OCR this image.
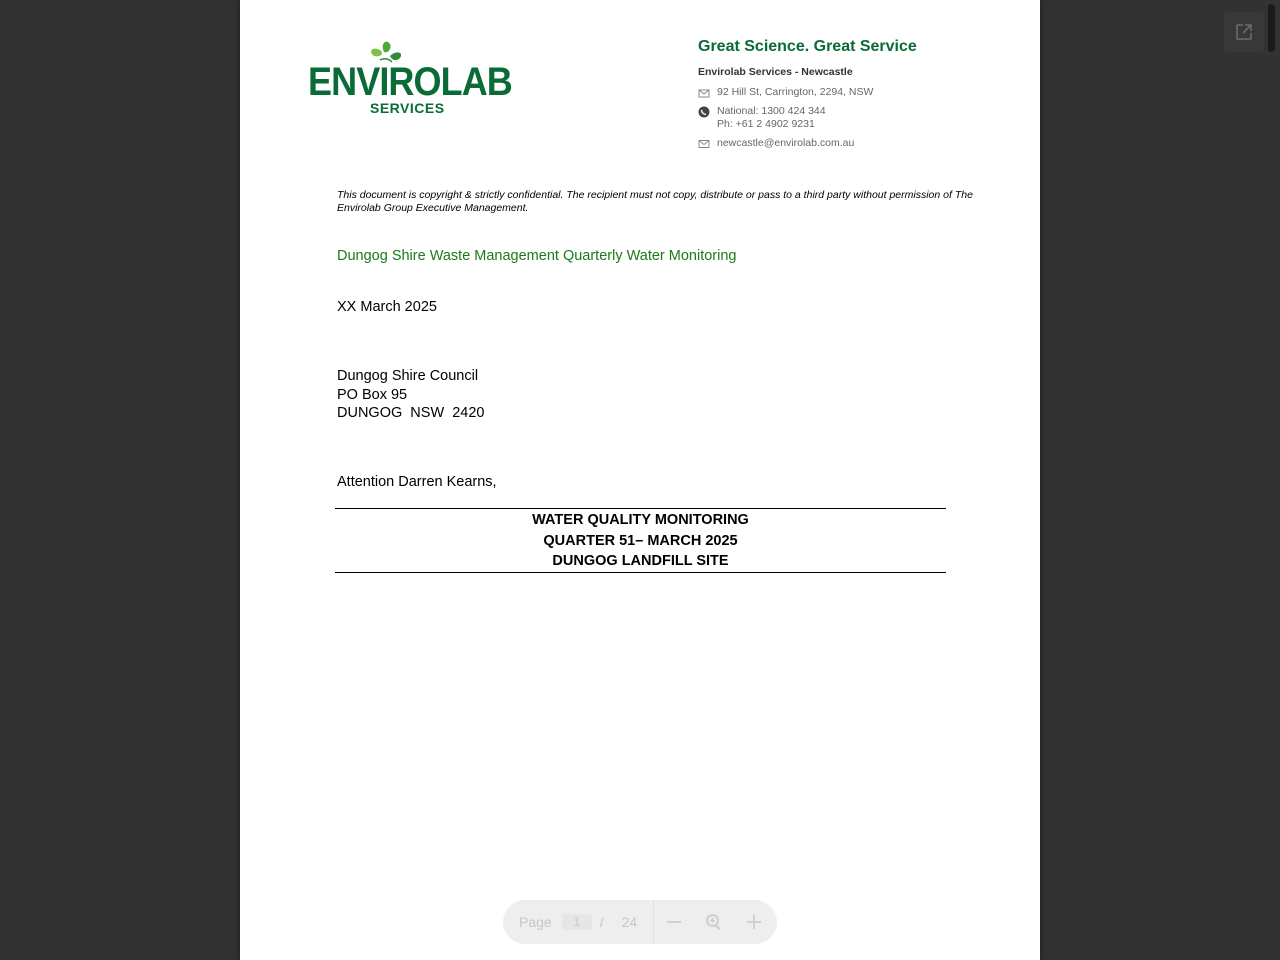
ENVIROLAB
SERVICES
Great Science. Great Service
Envirolab Services - Newcastle
92 Hill St, Carrington, 2294, NSW
National: 1300 424 344
Ph: +61 2 4902 9231
newcastle@envirolab.com.au
This document is copyright & strictly confidential. The recipient must not copy, distribute or pass to a third party without permission of The Envirolab Group Executive Management.
Dungog Shire Waste Management Quarterly Water Monitoring
XX March 2025
Dungog Shire Council
PO Box 95
DUNGOG  NSW  2420
Attention Darren Kearns,
WATER QUALITY MONITORING
QUARTER 51– MARCH 2025
DUNGOG LANDFILL SITE
Page	1	/ 24
